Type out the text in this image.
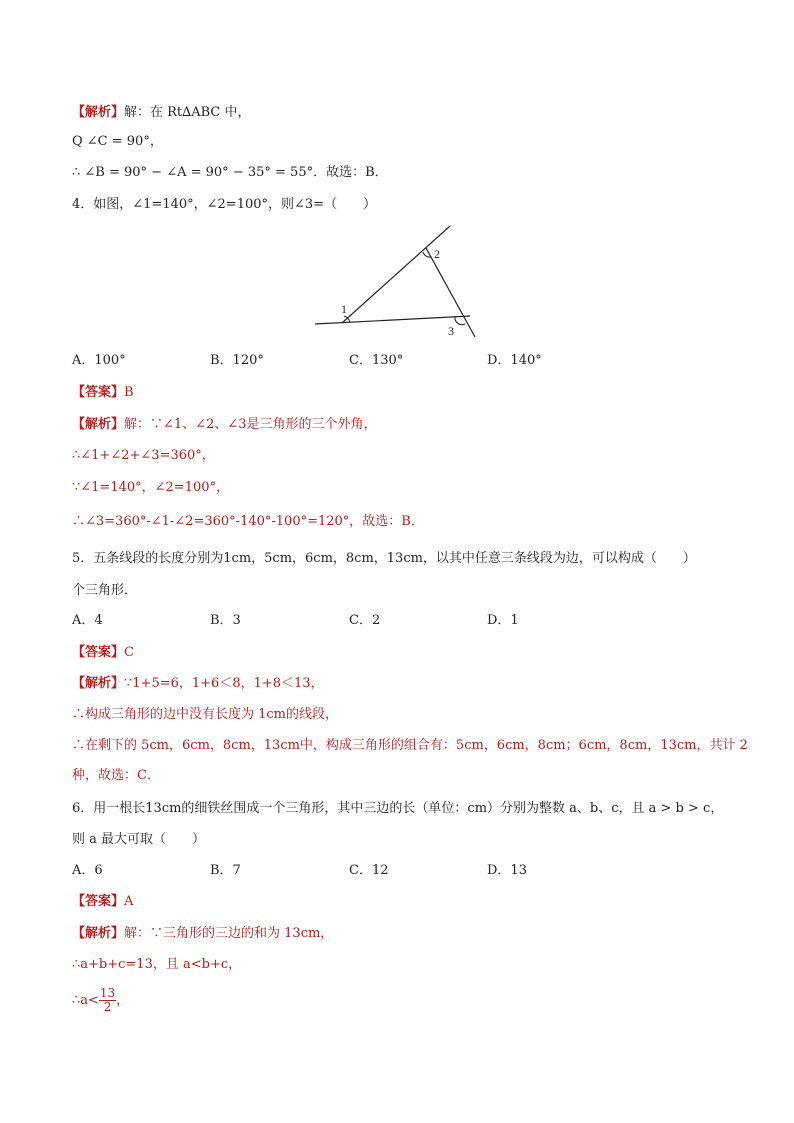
【解析】解：在 Rt∆ABC 中，
Q ∠C = 90°，
∴ ∠B = 90° − ∠A = 90° − 35° = 55°．故选：B．
4．如图，∠1=140°，∠2=100°，则∠3=（　　）
1
2
3
A．100°	B．120°	C．130°	D．140°
【答案】B
【解析】解：∵∠1、∠2、∠3是三角形的三个外角，
∴∠1+∠2+∠3=360°，
∵∠1=140°，∠2=100°，
∴∠3=360°-∠1-∠2=360°-140°-100°=120°，故选：B．
5．五条线段的长度分别为1cm，5cm，6cm，8cm，13cm，以其中任意三条线段为边，可以构成（　　）
个三角形．
A．4	B．3	C．2	D．1
【答案】C
【解析】∵1+5=6，1+6＜8，1+8＜13，
∴构成三角形的边中没有长度为 1cm的线段，
∴在剩下的 5cm，6cm，8cm，13cm中，构成三角形的组合有：5cm，6cm，8cm；6cm，8cm，13cm，共计 2
种，故选：C．
6．用一根长13cm的细铁丝围成一个三角形，其中三边的长（单位：cm）分别为整数 a、b、c，且 a > b > c，
则 a 最大可取（　　）
A．6	B．7	C．12	D．13
【答案】A
【解析】解：∵三角形的三边的和为 13cm，
∴a+b+c=13，且 a<b+c，
∴a< $\frac{13}{2}$ ，
